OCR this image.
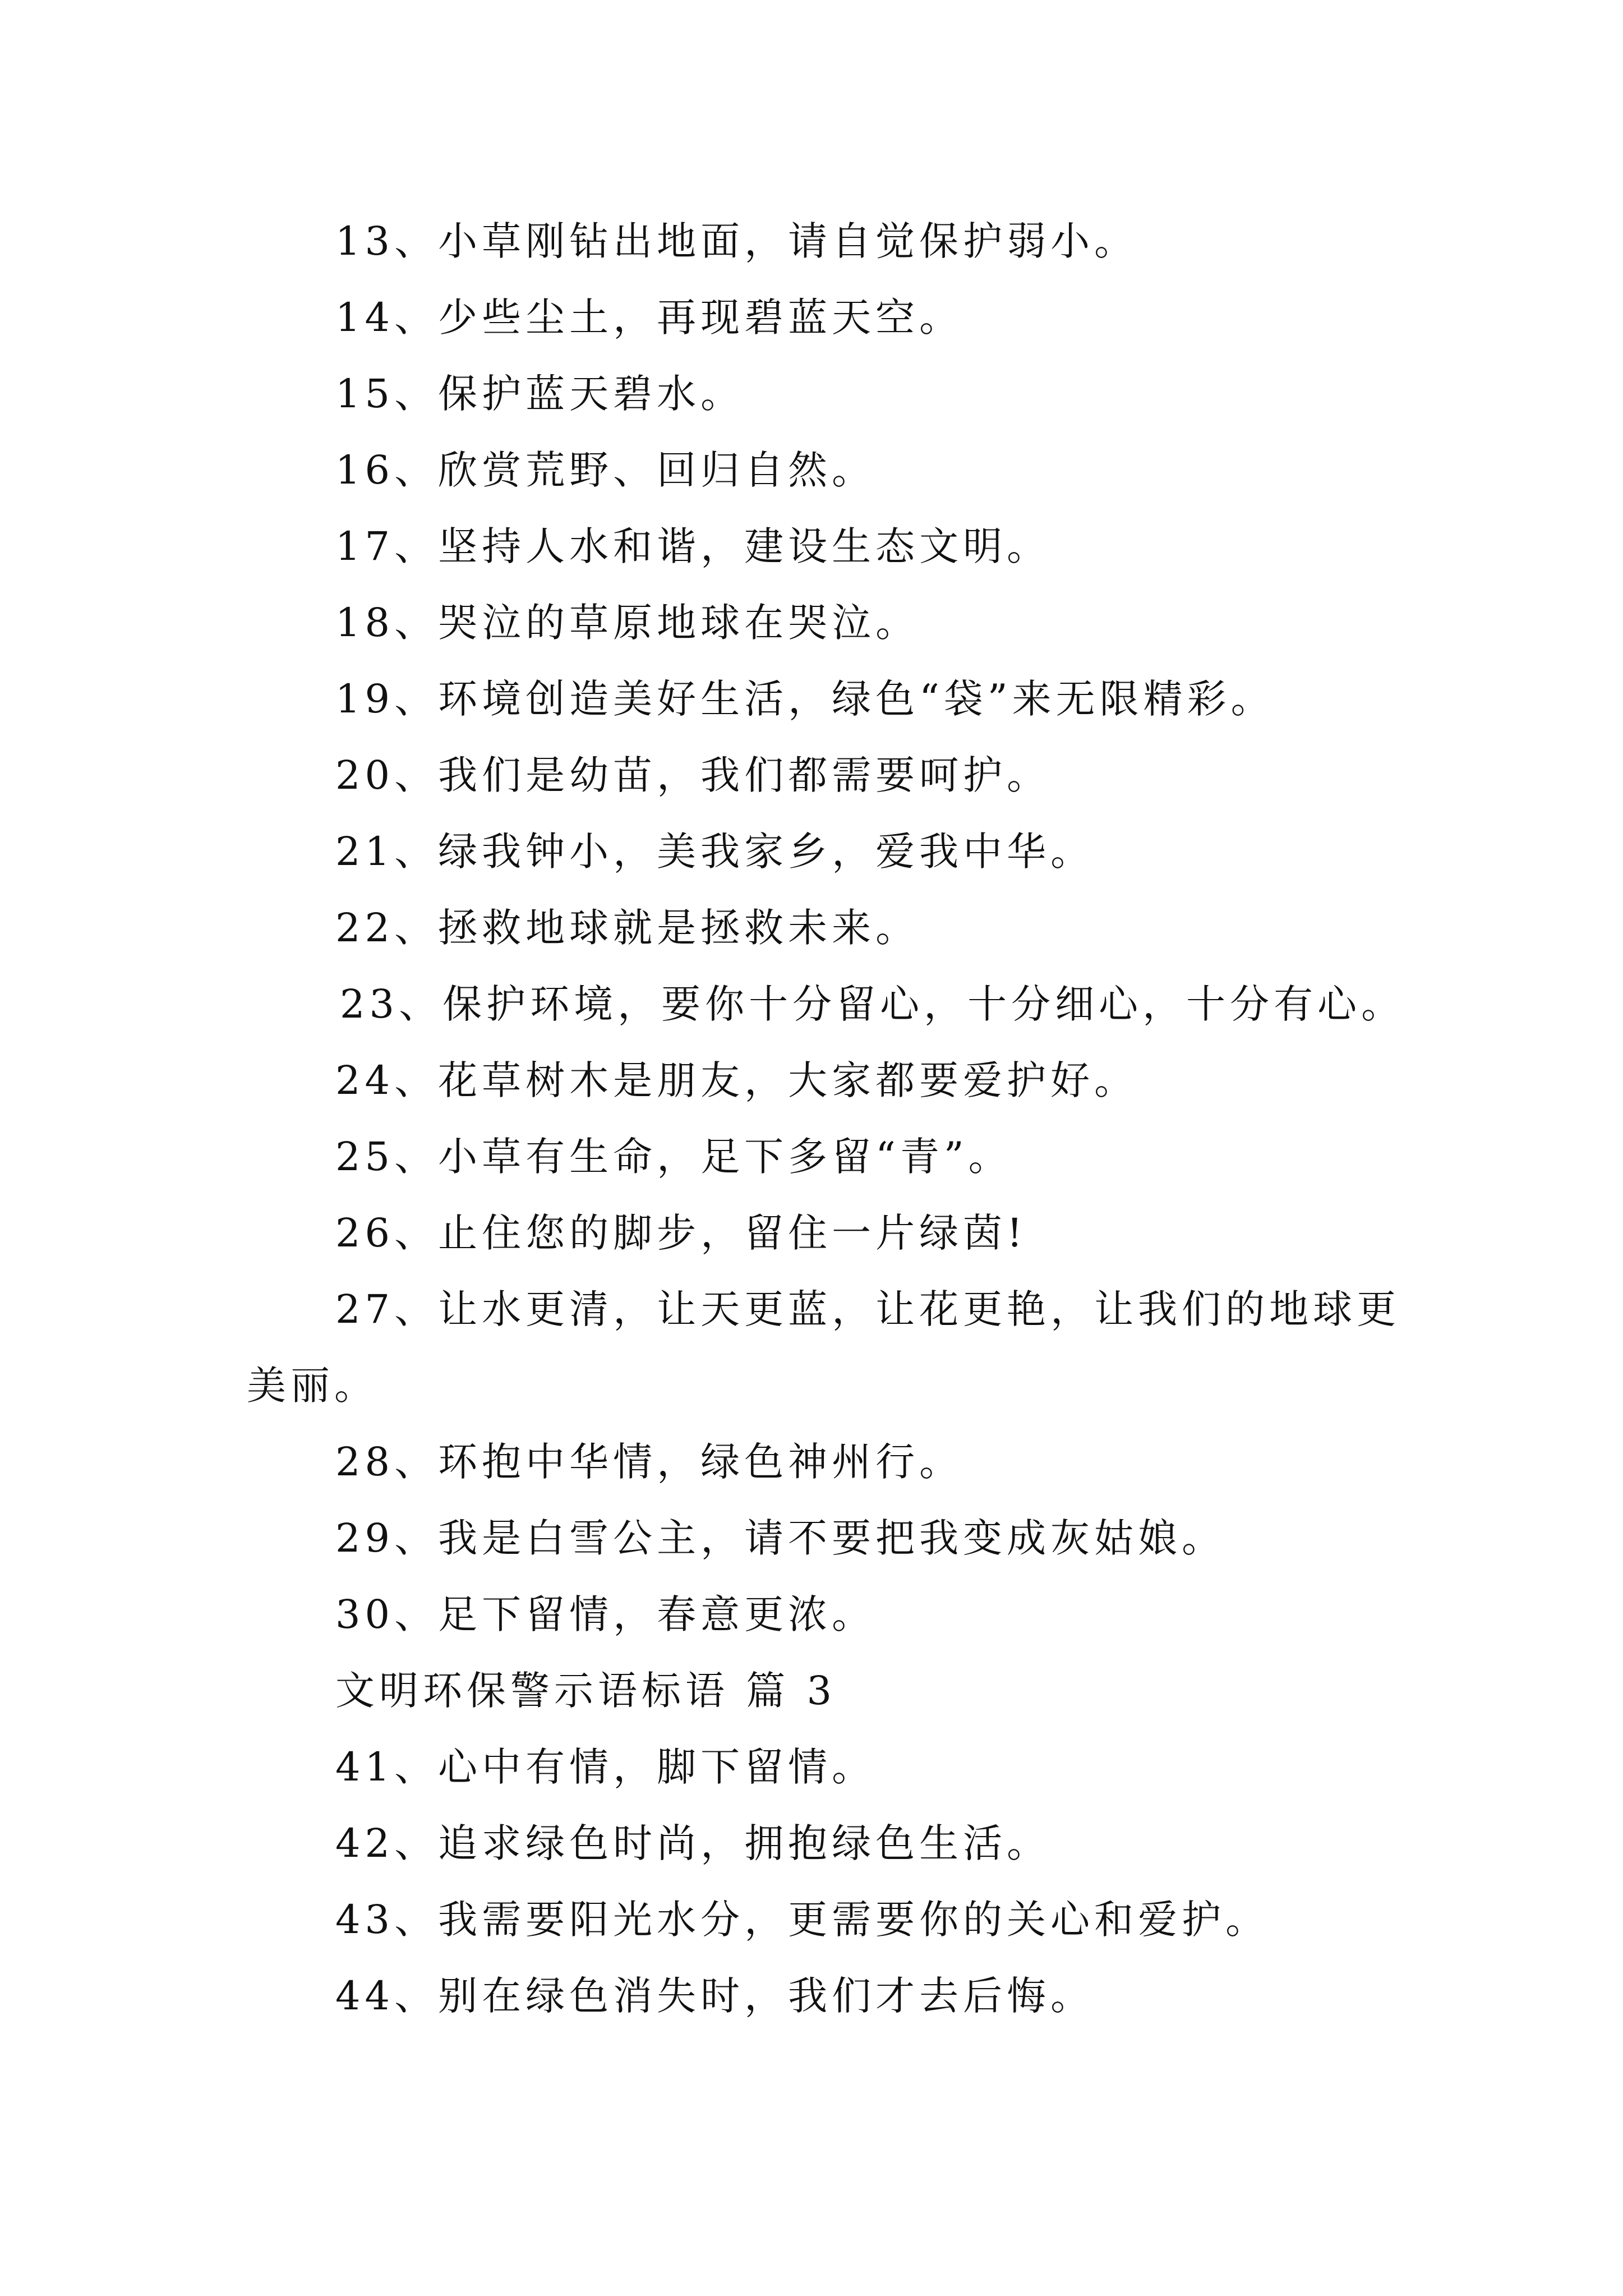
13、小草刚钻出地面，请自觉保护弱小。
14、少些尘土，再现碧蓝天空。
15、保护蓝天碧水。
16、欣赏荒野、回归自然。
17、坚持人水和谐，建设生态文明。
18、哭泣的草原地球在哭泣。
19、环境创造美好生活，绿色“袋”来无限精彩。
20、我们是幼苗，我们都需要呵护。
21、绿我钟小，美我家乡，爱我中华。
22、拯救地球就是拯救未来。
23、保护环境，要你十分留心，十分细心，十分有心。
24、花草树木是朋友，大家都要爱护好。
25、小草有生命，足下多留“青”。
26、止住您的脚步，留住一片绿茵!
27、让水更清，让天更蓝，让花更艳，让我们的地球更
美丽。
28、环抱中华情，绿色神州行。
29、我是白雪公主，请不要把我变成灰姑娘。
30、足下留情，春意更浓。
文明环保警示语标语 篇 3
41、心中有情，脚下留情。
42、追求绿色时尚，拥抱绿色生活。
43、我需要阳光水分，更需要你的关心和爱护。
44、别在绿色消失时，我们才去后悔。
